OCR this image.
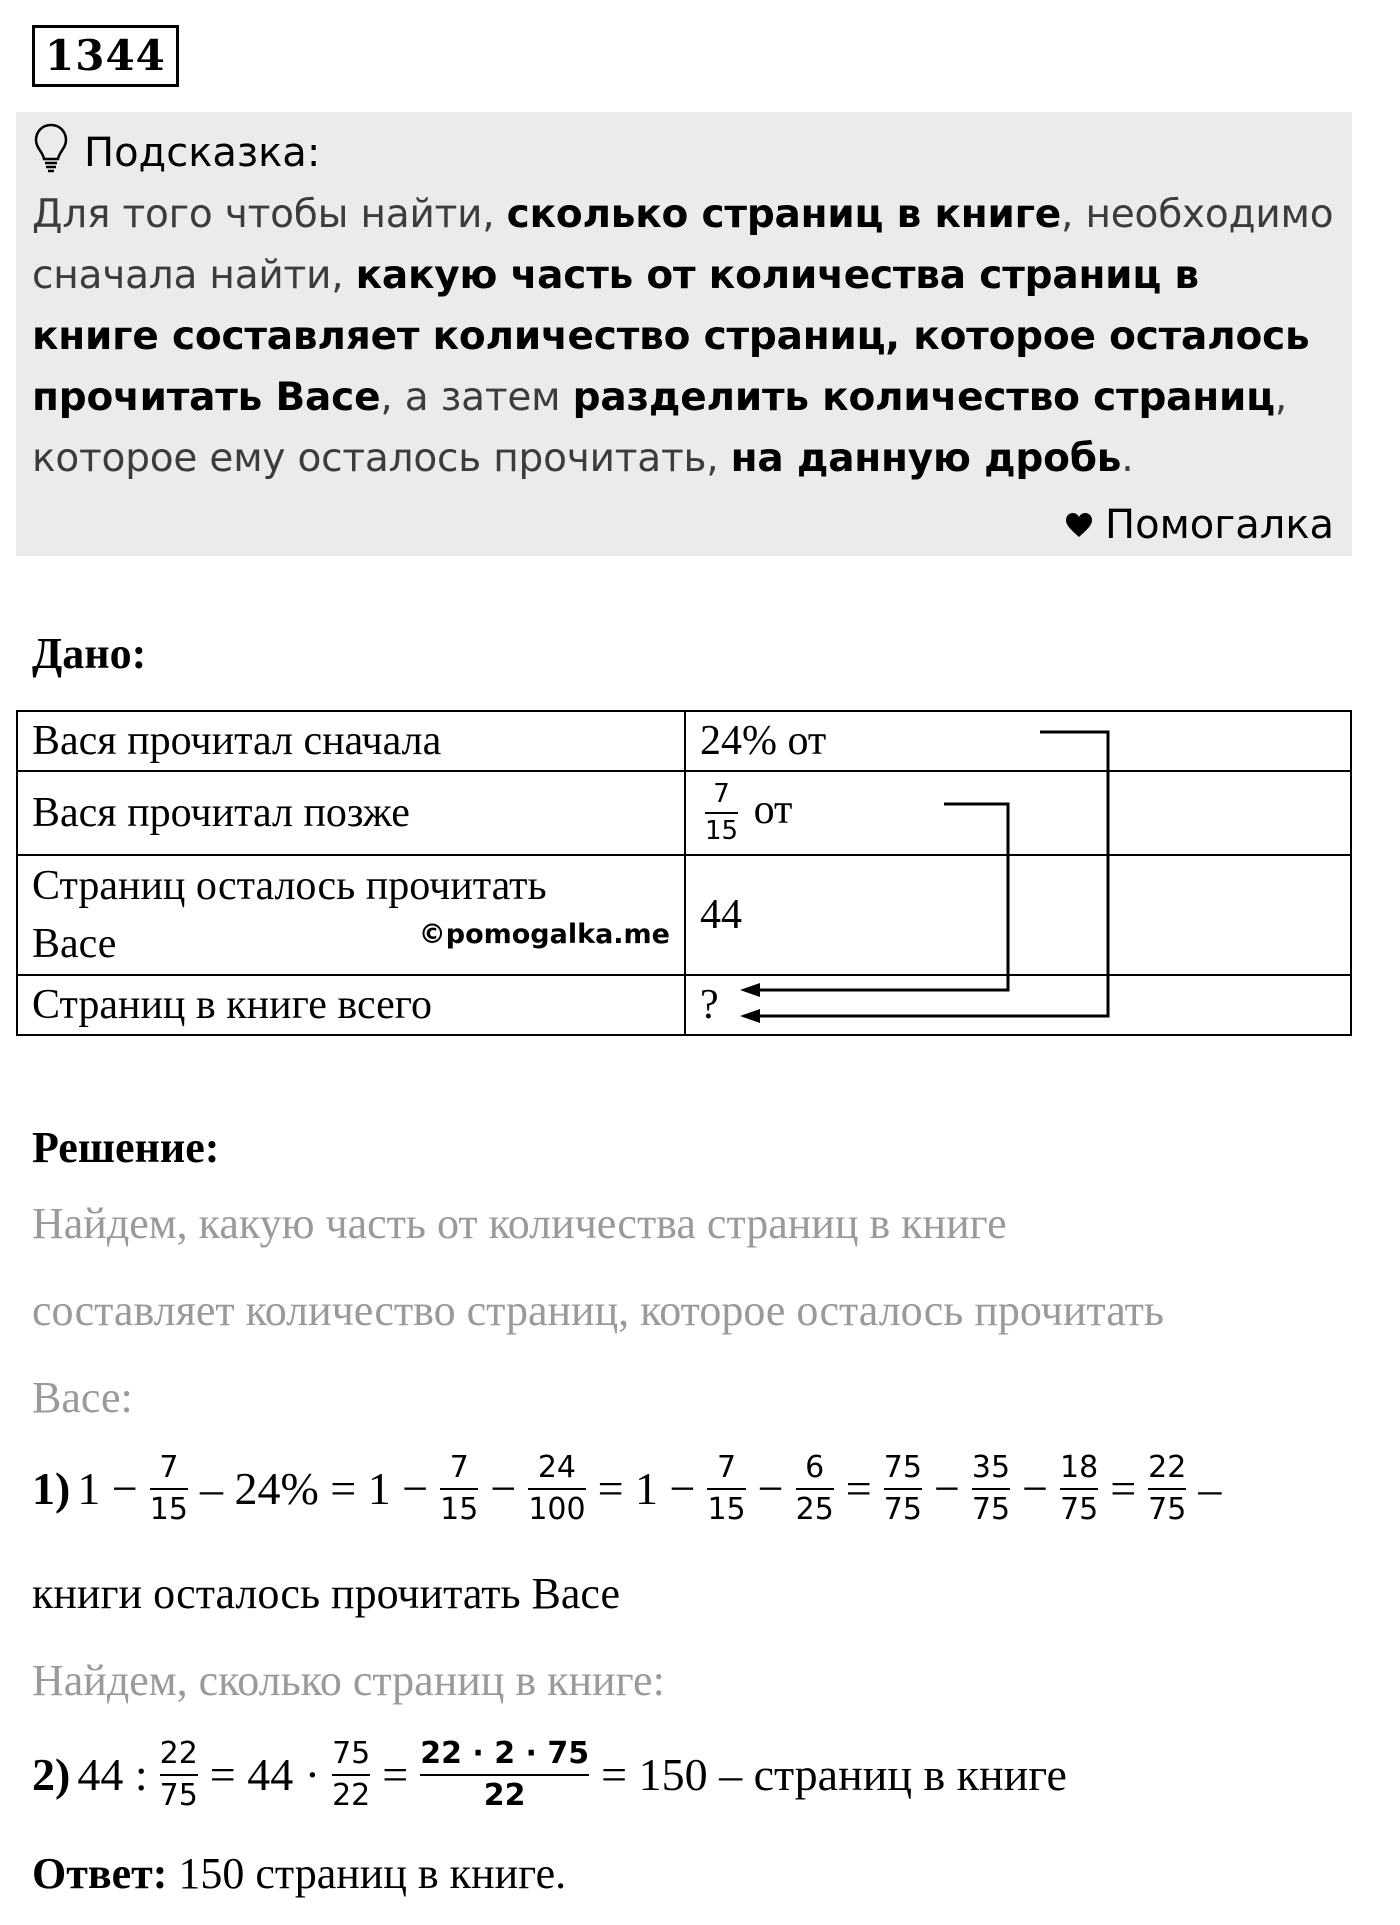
1344
Подсказка:
Для того чтобы найти, сколько страниц в книге, необходимо сначала найти, какую часть от количества страниц в книге составляет количество страниц, которое осталось прочитать Васе, а затем разделить количество страниц, которое ему осталось прочитать, на данную дробь.
Помогалка
Дано:
Вася прочитал сначала	24% от
Вася прочитал позже	$\frac{7}{15}$ от

Страниц осталось прочитать
Васе ©pomogalka.me	44
Страниц в книге всего	?
Решение:
Найдем, какую часть от количества страниц в книге
составляет количество страниц, которое осталось прочитать
Васе:
1) $1 - \frac{7}{15} - 24\% = 1 - \frac{7}{15} - \frac{24}{100} = 1 - \frac{7}{15} - \frac{6}{25} = \frac{75}{75} - \frac{35}{75} - \frac{18}{75} = \frac{22}{75}$ –
книги осталось прочитать Васе
Найдем, сколько страниц в книге:
2) 44 : $\frac{22}{75} = 44 \cdot \frac{75}{22} = \frac{22 \cdot 2 \cdot 75}{22} = 150$ – страниц в книге
Ответ: 150 страниц в книге.
